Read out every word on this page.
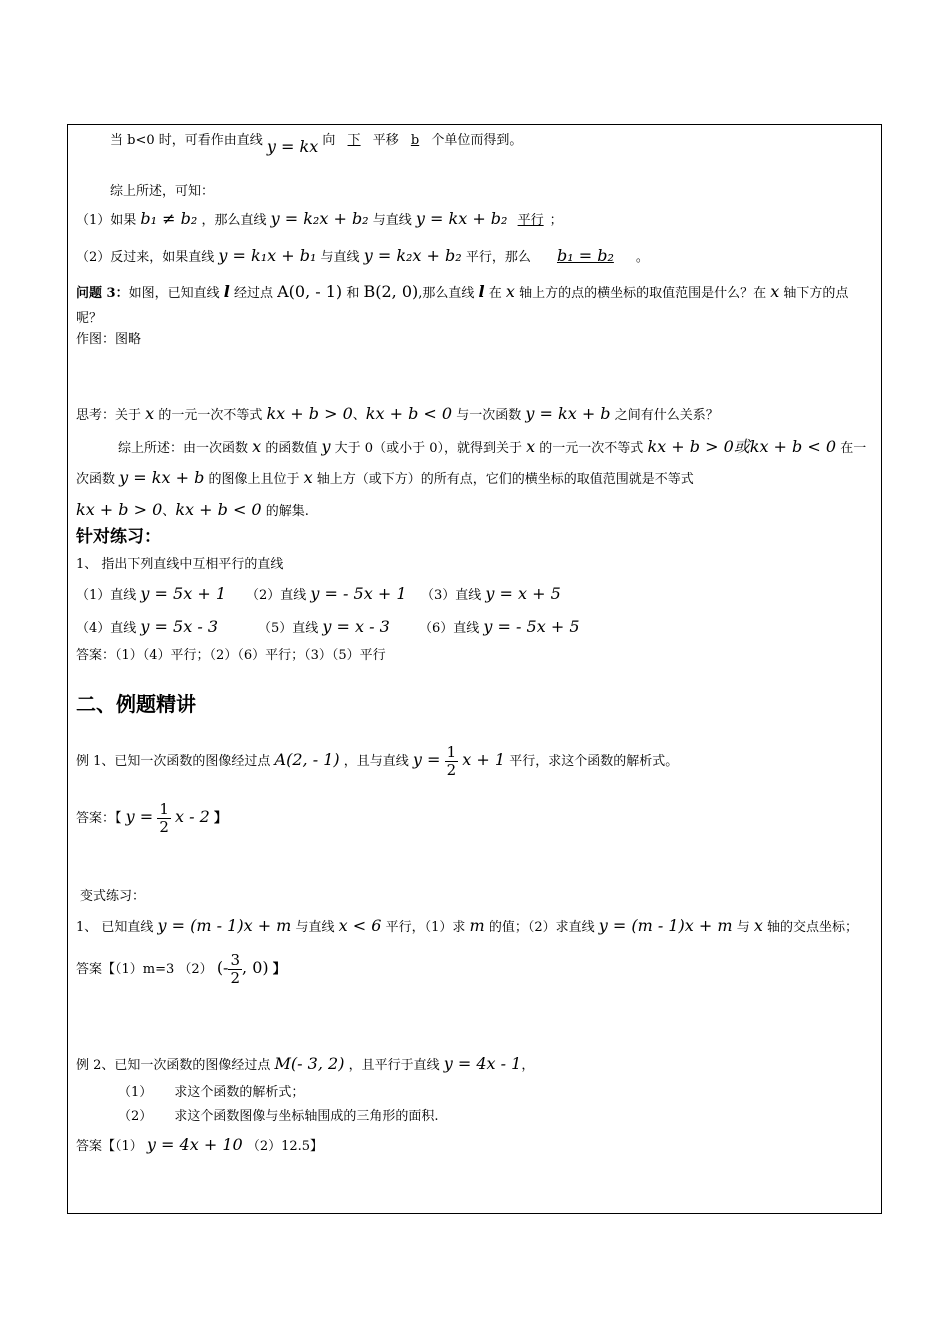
当 b<0 时，可看作由直线 y = kx 向 下 平移 b 个单位而得到。
综上所述，可知：
（1）如果 b₁ ≠ b₂ ，那么直线 y = k₂x + b₂ 与直线 y = kx + b₂ 平行 ；
（2）反过来，如果直线 y = k₁x + b₁ 与直线 y = k₂x + b₂ 平行，那么 b₁ = b₂ 。
问题 3：如图，已知直线 l 经过点 A(0, - 1) 和 B(2, 0),那么直线 l 在 x 轴上方的点的横坐标的取值范围是什么？在 x 轴下方的点
呢？
作图：图略
思考：关于 x 的一元一次不等式 kx + b > 0、kx + b < 0 与一次函数 y = kx + b 之间有什么关系？
综上所述：由一次函数 x 的函数值 y 大于 0（或小于 0），就得到关于 x 的一元一次不等式 kx + b > 0或kx + b < 0 在一
次函数 y = kx + b 的图像上且位于 x 轴上方（或下方）的所有点，它们的横坐标的取值范围就是不等式
kx + b > 0、kx + b < 0 的解集.
针对练习：
1、 指出下列直线中互相平行的直线
（1）直线 y = 5x + 1 （2）直线 y = - 5x + 1 （3）直线 y = x + 5
（4）直线 y = 5x - 3	（5）直线 y = x - 3 （6）直线 y = - 5x + 5
答案：（1）（4）平行；（2）（6）平行；（3）（5）平行
二、例题精讲
例 1、已知一次函数的图像经过点 A(2, - 1) ，且与直线 $y = \frac{1}{2}$ x + 1 平行，求这个函数的解析式。
答案：【 $y = \frac{1}{2}$ x - 2 】
变式练习：
1、 已知直线 y = (m - 1)x + m 与直线 x < 6 平行，（1）求 m 的值；（2）求直线 y = (m - 1)x + m 与 x 轴的交点坐标；
答案【（1）m=3 （2） (- $\frac{3}{2}$ , 0) 】
例 2、已知一次函数的图像经过点 M(- 3, 2) ，且平行于直线 y = 4x - 1，
（1） 求这个函数的解析式；
（2） 求这个函数图像与坐标轴围成的三角形的面积.
答案【（1） y = 4x + 10 （2）12.5】
